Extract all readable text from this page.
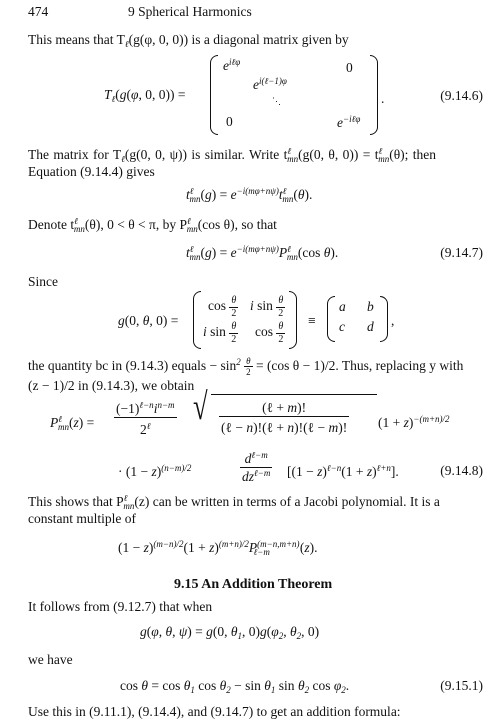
474	9 Spherical Harmonics
This means that $T_\ell(g(\varphi$, 0, 0)) is a diagonal matrix given by
$T_\ell(g(\varphi$, 0, 0)) =
$e^{i\ell\varphi}$	0
$e^{i(\ell-1)\varphi}$
⋱
0	$e^{-i\ell\varphi}$
.	(9.14.6)
The matrix for $T_\ell(g(0$, 0, ψ)) is similar. Write $t^\ell_{mn}(g(0$, θ, $0)) = t^\ell_{mn}(\theta)$; then
Equation (9.14.4) gives
$t^\ell_{mn}(g) = e^{-i(m\varphi+n\psi)}t^\ell_{mn}(\theta)$.
Denote $t^\ell_{mn}(\theta)$, 0 < θ < π, by $P^\ell_{mn}(\cos$ θ), so that
$t^\ell_{mn}(g) = e^{-i(m\varphi+n\psi)}P^\ell_{mn}(\cos$ θ).	(9.14.7)
Since
g(0, θ, 0) =
$\cos \frac{\theta}{2}$ i $\sin \frac{\theta}{2}$
i $\sin \frac{\theta}{2}$ $\cos \frac{\theta}{2}$
≡
a b
c d ,
the quantity bc in (9.14.3) equals − $\sin^2 \frac{\theta}{2} = (\cos$ θ − 1)/2. Thus, replacing y with
(z − 1)/2 in (9.14.3), we obtain
$P^\ell_{mn}(z) = \frac{(-1)^{\ell-n}i^{n-m}}{2^\ell}$ √ $\frac{\text{(ℓ + m)!}}{\text{(ℓ − n)!(ℓ + n)!(ℓ − m)!}} (1 + z)^{-(m+n)/2}$
· $(1 - z)^{(n-m)/2}$	$\frac{d^{\ell-m}}{dz^{\ell-m}} [(1 - z)^{\ell-n}(1 + z)^{\ell+n}]$.	(9.14.8)
This shows that $P^\ell_{mn}(z)$ can be written in terms of a Jacobi polynomial. It is a
constant multiple of
$(1 - z)^{(m-n)/2}(1 + z)^{(m+n)/2}P^{(m-n,m+n)}_{\ell-m}$ (z).
9.15 An Addition Theorem
It follows from (9.12.7) that when
g(φ, θ, ψ) = g(0, $\theta_1$, $0)g(\varphi_2$, $\theta_2$, 0)
we have
$\cos \theta = \cos \theta_1$ $\cos \theta_2 - \sin \theta_1$ $\sin \theta_2$ $\cos \varphi_2$.	(9.15.1)
Use this in (9.11.1), (9.14.4), and (9.14.7) to get an addition formula:
